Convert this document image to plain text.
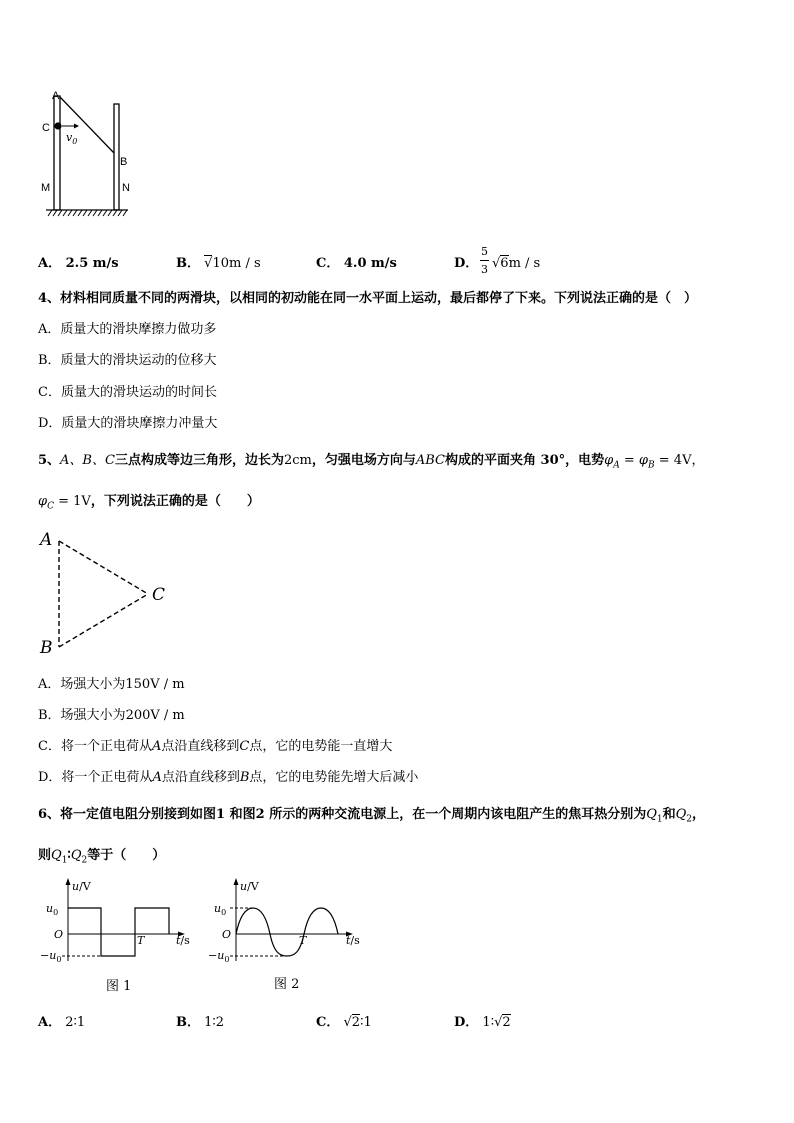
A
C
$v_0$
B
M	N
A． 2.5 m/s	B． √10m / s	C． 4.0 m/s	D．
5
3 √6m / s
4、材料相同质量不同的两滑块，以相同的初动能在同一水平面上运动，最后都停了下来。下列说法正确的是（　）
A．质量大的滑块摩擦力做功多
B．质量大的滑块运动的位移大
C．质量大的滑块运动的时间长
D．质量大的滑块摩擦力冲量大
5、A、B、C三点构成等边三角形，边长为2cm，匀强电场方向与ABC构成的平面夹角 30°，电势$\varphi_A = \varphi_B = 4V$，
$\varphi_C = 1V$，下列说法正确的是（　　）
A
C
B
A．场强大小为150V / m
B．场强大小为200V / m
C．将一个正电荷从A点沿直线移到C点，它的电势能一直增大
D．将一个正电荷从A点沿直线移到B点，它的电势能先增大后减小
6、将一定值电阻分别接到如图1 和图2 所示的两种交流电源上，在一个周期内该电阻产生的焦耳热分别为$Q_1$和$Q_2$，
则$Q_1∶Q_2$等于（　　）
u/V
$u_0$
O	T	t/s
$-u_0$
图 1
u/V
$u_0$
O	T	t/s
$-u_0$
图 2
A． 2∶1	B． 1∶2	C． √2∶1	D． 1∶√2
